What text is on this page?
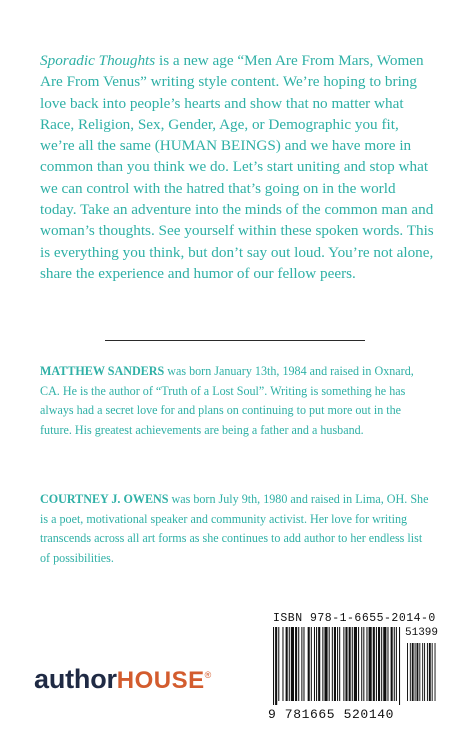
Sporadic Thoughts is a new age “Men Are From Mars, Women Are From Venus” writing style content. We’re hoping to bring love back into people’s hearts and show that no matter what Race, Religion, Sex, Gender, Age, or Demographic you fit, we’re all the same (HUMAN BEINGS) and we have more in common than you think we do. Let’s start uniting and stop what we can control with the hatred that’s going on in the world today. Take an adventure into the minds of the common man and woman’s thoughts. See yourself within these spoken words. This is everything you think, but don’t say out loud. You’re not alone, share the experience and humor of our fellow peers.
MATTHEW SANDERS was born January 13th, 1984 and raised in Oxnard, CA. He is the author of “Truth of a Lost Soul”. Writing is something he has always had a secret love for and plans on continuing to put more out in the future. His greatest achievements are being a father and a husband.
COURTNEY J. OWENS was born July 9th, 1980 and raised in Lima, OH. She is a poet, motivational speaker and community activist. Her love for writing transcends across all art forms as she continues to add author to her endless list of possibilities.
authorHOUSE®
ISBN 978-1-6655-2014-0
51399
9 781665 520140
